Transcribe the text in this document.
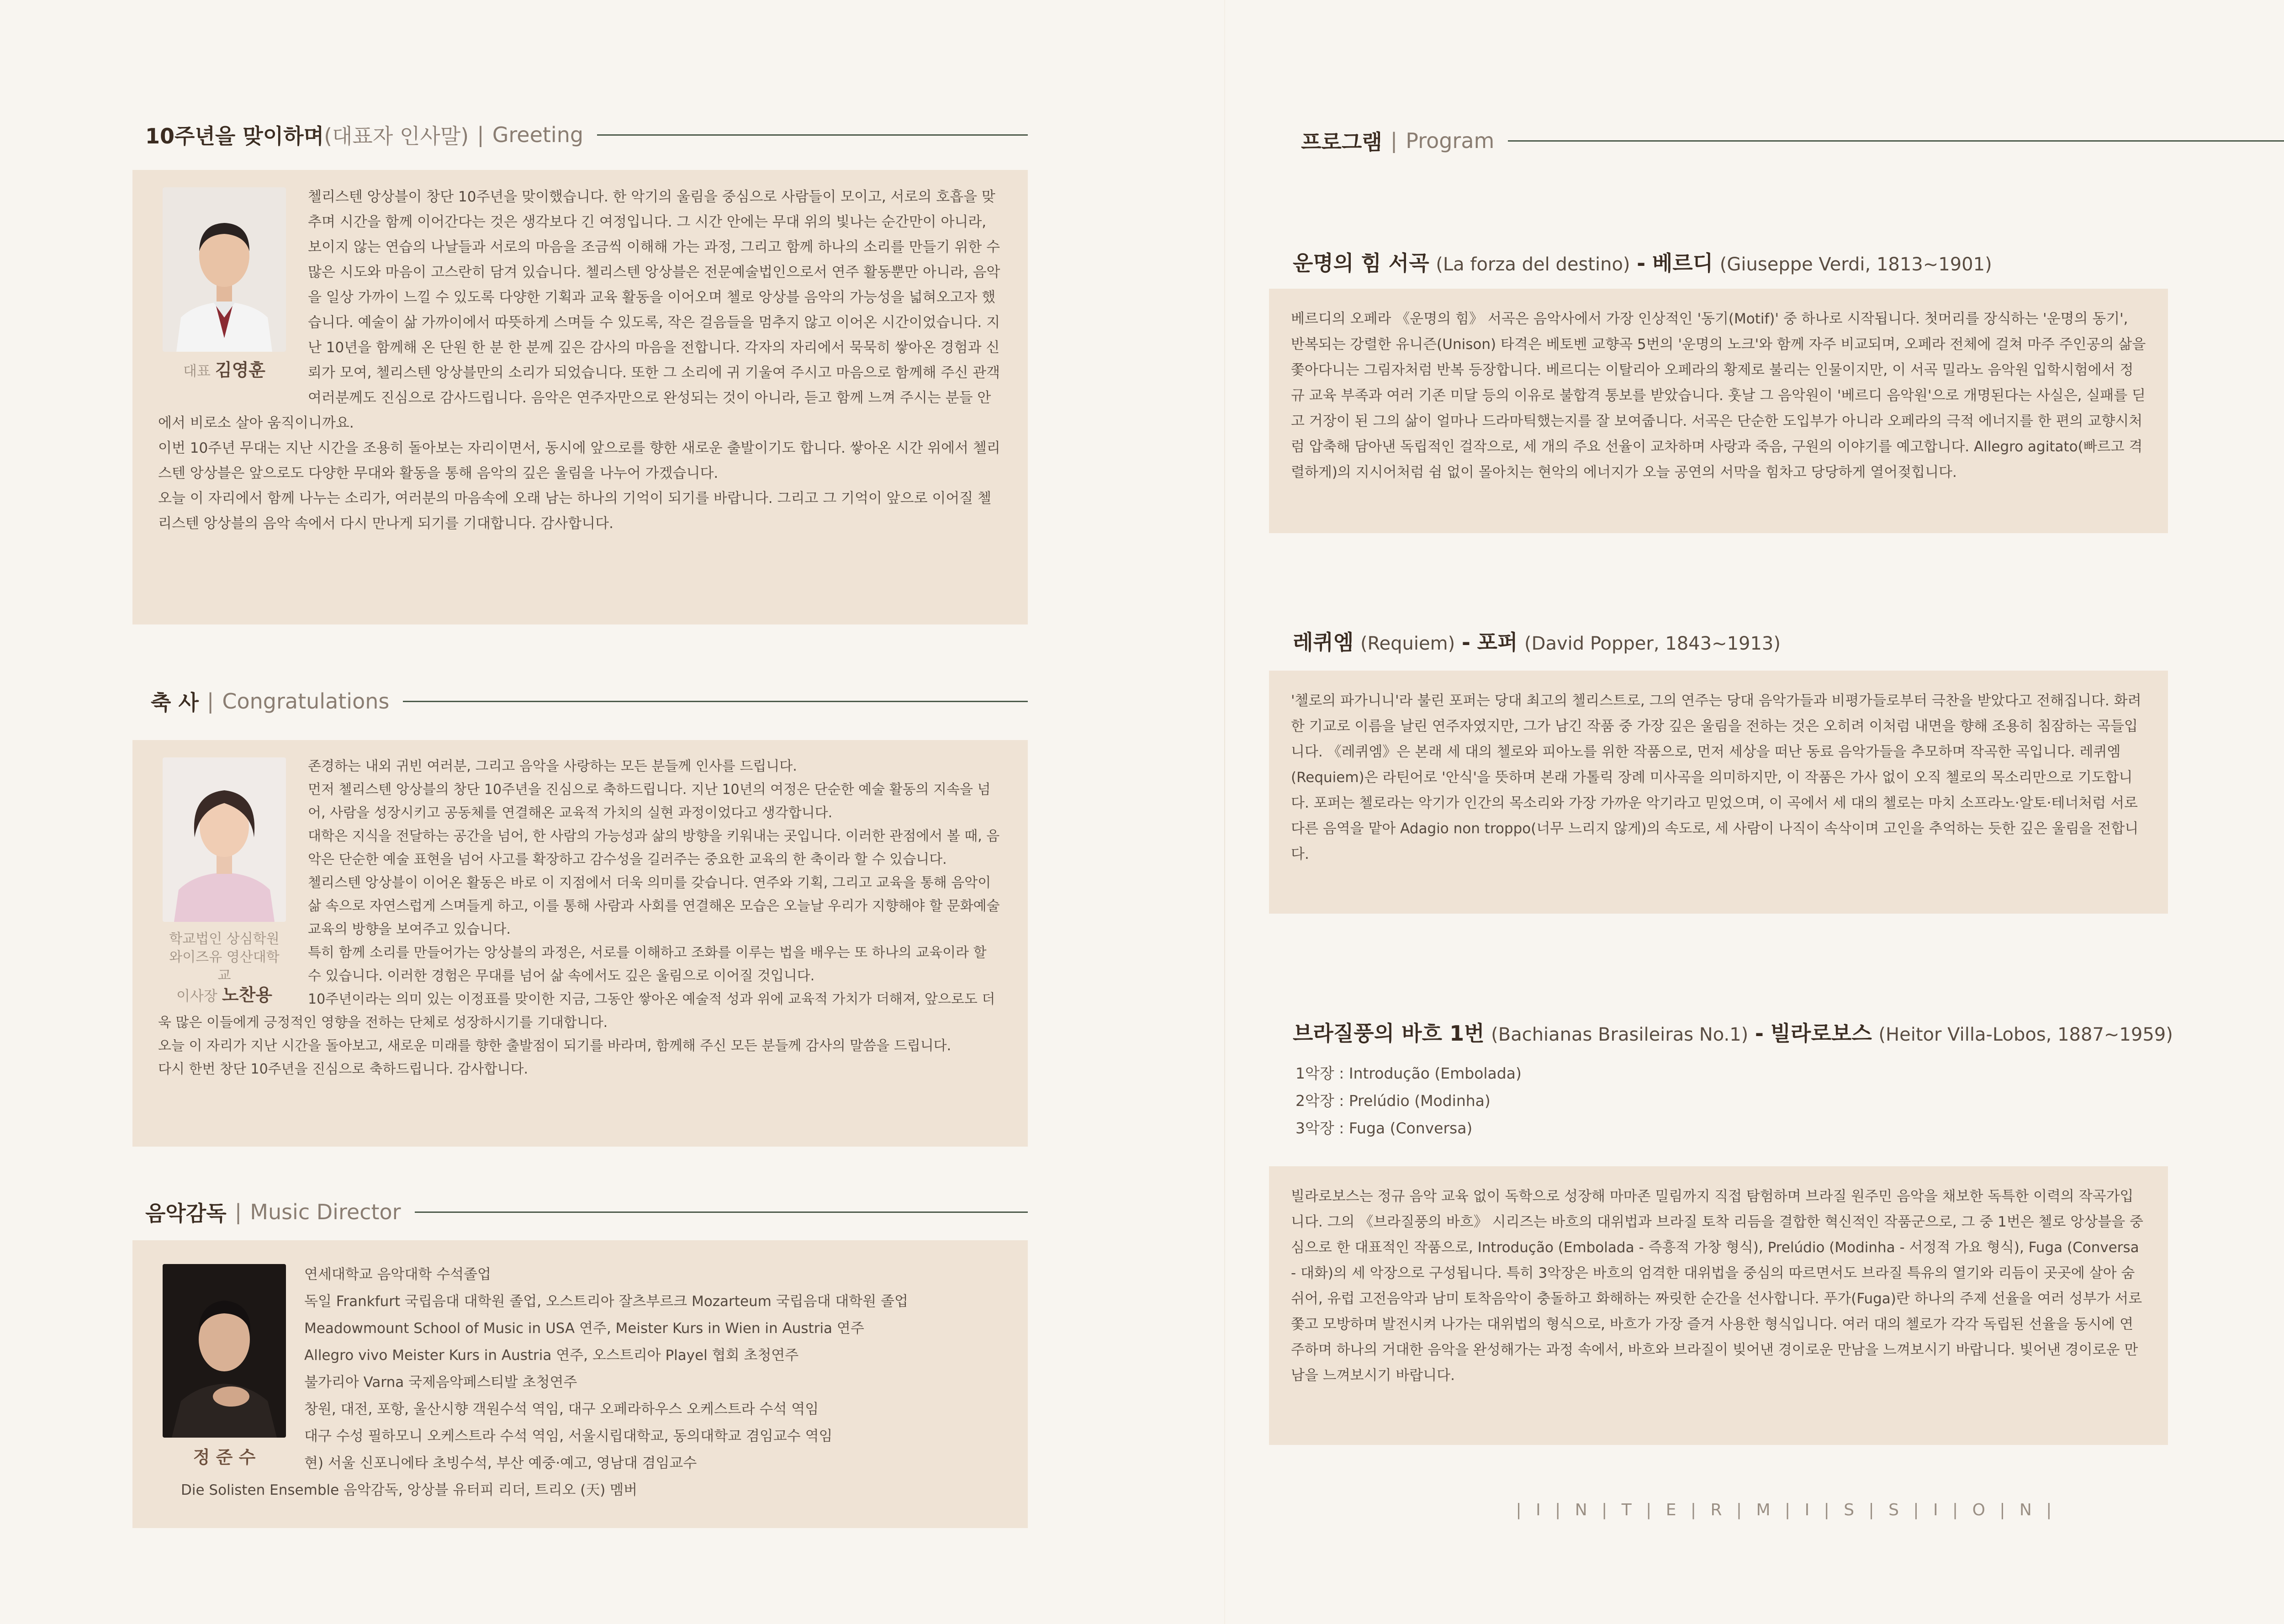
10주년을 맞이하며 (대표자 인사말) | Greeting
대표 김영훈

첼리스텐 앙상블이 창단 10주년을 맞이했습니다. 한 악기의 울림을 중심으로 사람들이 모이고, 서로의 호흡을 맞추며 시간을 함께 이어간다는 것은 생각보다 긴 여정입니다. 그 시간 안에는 무대 위의 빛나는 순간만이 아니라, 보이지 않는 연습의 나날들과 서로의 마음을 조금씩 이해해 가는 과정, 그리고 함께 하나의 소리를 만들기 위한 수많은 시도와 마음이 고스란히 담겨 있습니다. 첼리스텐 앙상블은 전문예술법인으로서 연주 활동뿐만 아니라, 음악을 일상 가까이 느낄 수 있도록 다양한 기획과 교육 활동을 이어오며 첼로 앙상블 음악의 가능성을 넓혀오고자 했습니다. 예술이 삶 가까이에서 따뜻하게 스며들 수 있도록, 작은 걸음들을 멈추지 않고 이어온 시간이었습니다. 지난 10년을 함께해 온 단원 한 분 한 분께 깊은 감사의 마음을 전합니다. 각자의 자리에서 묵묵히 쌓아온 경험과 신뢰가 모여, 첼리스텐 앙상블만의 소리가 되었습니다. 또한 그 소리에 귀 기울여 주시고 마음으로 함께해 주신 관객 여러분께도 진심으로 감사드립니다. 음악은 연주자만으로 완성되는 것이 아니라, 듣고 함께 느껴 주시는 분들 안에서 비로소 살아 움직이니까요.

이번 10주년 무대는 지난 시간을 조용히 돌아보는 자리이면서, 동시에 앞으로를 향한 새로운 출발이기도 합니다. 쌓아온 시간 위에서 첼리스텐 앙상블은 앞으로도 다양한 무대와 활동을 통해 음악의 깊은 울림을 나누어 가겠습니다.

오늘 이 자리에서 함께 나누는 소리가, 여러분의 마음속에 오래 남는 하나의 기억이 되기를 바랍니다. 그리고 그 기억이 앞으로 이어질 첼리스텐 앙상블의 음악 속에서 다시 만나게 되기를 기대합니다. 감사합니다.

축 사 | Congratulations
학교법인 상심학원
와이즈유 영산대학교
이사장 노찬용

존경하는 내외 귀빈 여러분, 그리고 음악을 사랑하는 모든 분들께 인사를 드립니다.

먼저 첼리스텐 앙상블의 창단 10주년을 진심으로 축하드립니다. 지난 10년의 여정은 단순한 예술 활동의 지속을 넘어, 사람을 성장시키고 공동체를 연결해온 교육적 가치의 실현 과정이었다고 생각합니다.

대학은 지식을 전달하는 공간을 넘어, 한 사람의 가능성과 삶의 방향을 키워내는 곳입니다. 이러한 관점에서 볼 때, 음악은 단순한 예술 표현을 넘어 사고를 확장하고 감수성을 길러주는 중요한 교육의 한 축이라 할 수 있습니다.

첼리스텐 앙상블이 이어온 활동은 바로 이 지점에서 더욱 의미를 갖습니다. 연주와 기획, 그리고 교육을 통해 음악이 삶 속으로 자연스럽게 스며들게 하고, 이를 통해 사람과 사회를 연결해온 모습은 오늘날 우리가 지향해야 할 문화예술 교육의 방향을 보여주고 있습니다.

특히 함께 소리를 만들어가는 앙상블의 과정은, 서로를 이해하고 조화를 이루는 법을 배우는 또 하나의 교육이라 할 수 있습니다. 이러한 경험은 무대를 넘어 삶 속에서도 깊은 울림으로 이어질 것입니다.

10주년이라는 의미 있는 이정표를 맞이한 지금, 그동안 쌓아온 예술적 성과 위에 교육적 가치가 더해져, 앞으로도 더욱 많은 이들에게 긍정적인 영향을 전하는 단체로 성장하시기를 기대합니다.

오늘 이 자리가 지난 시간을 돌아보고, 새로운 미래를 향한 출발점이 되기를 바라며, 함께해 주신 모든 분들께 감사의 말씀을 드립니다.

다시 한번 창단 10주년을 진심으로 축하드립니다. 감사합니다.

음악감독 | Music Director
정 준 수
연세대학교 음악대학 수석졸업
독일 Frankfurt 국립음대 대학원 졸업, 오스트리아 잘츠부르크 Mozarteum 국립음대 대학원 졸업
Meadowmount School of Music in USA 연주, Meister Kurs in Wien in Austria 연주
Allegro vivo Meister Kurs in Austria 연주, 오스트리아 Playel 협회 초청연주
불가리아 Varna 국제음악페스티발 초청연주
창원, 대전, 포항, 울산시향 객원수석 역임, 대구 오페라하우스 오케스트라 수석 역임
대구 수성 필하모니 오케스트라 수석 역임, 서울시립대학교, 동의대학교 겸임교수 역임
현) 서울 신포니에타 초빙수석, 부산 예중·예고, 영남대 겸임교수
Die Solisten Ensemble 음악감독, 앙상블 유터피 리더, 트리오 (天) 멤버
프로그램 | Program
운명의 힘 서곡 (La forza del destino) - 베르디 (Giuseppe Verdi, 1813~1901)
베르디의 오페라 《운명의 힘》 서곡은 음악사에서 가장 인상적인 '동기(Motif)' 중 하나로 시작됩니다. 첫머리를 장식하는 '운명의 동기', 반복되는 강렬한 유니즌(Unison) 타격은 베토벤 교향곡 5번의 '운명의 노크'와 함께 자주 비교되며, 오페라 전체에 걸쳐 마주 주인공의 삶을 쫓아다니는 그림자처럼 반복 등장합니다. 베르디는 이탈리아 오페라의 황제로 불리는 인물이지만, 이 서곡 밀라노 음악원 입학시험에서 정규 교육 부족과 여러 기존 미달 등의 이유로 불합격 통보를 받았습니다. 훗날 그 음악원이 '베르디 음악원'으로 개명된다는 사실은, 실패를 딛고 거장이 된 그의 삶이 얼마나 드라마틱했는지를 잘 보여줍니다. 서곡은 단순한 도입부가 아니라 오페라의 극적 에너지를 한 편의 교향시처럼 압축해 담아낸 독립적인 걸작으로, 세 개의 주요 선율이 교차하며 사랑과 죽음, 구원의 이야기를 예고합니다. Allegro agitato(빠르고 격렬하게)의 지시어처럼 쉼 없이 몰아치는 현악의 에너지가 오늘 공연의 서막을 힘차고 당당하게 열어젖힙니다.
레퀴엠 (Requiem) - 포퍼 (David Popper, 1843~1913)
'첼로의 파가니니'라 불린 포퍼는 당대 최고의 첼리스트로, 그의 연주는 당대 음악가들과 비평가들로부터 극찬을 받았다고 전해집니다. 화려한 기교로 이름을 날린 연주자였지만, 그가 남긴 작품 중 가장 깊은 울림을 전하는 것은 오히려 이처럼 내면을 향해 조용히 침잠하는 곡들입니다. 《레퀴엠》은 본래 세 대의 첼로와 피아노를 위한 작품으로, 먼저 세상을 떠난 동료 음악가들을 추모하며 작곡한 곡입니다. 레퀴엠(Requiem)은 라틴어로 '안식'을 뜻하며 본래 가톨릭 장례 미사곡을 의미하지만, 이 작품은 가사 없이 오직 첼로의 목소리만으로 기도합니다. 포퍼는 첼로라는 악기가 인간의 목소리와 가장 가까운 악기라고 믿었으며, 이 곡에서 세 대의 첼로는 마치 소프라노·알토·테너처럼 서로 다른 음역을 맡아 Adagio non troppo(너무 느리지 않게)의 속도로, 세 사람이 나직이 속삭이며 고인을 추억하는 듯한 깊은 울림을 전합니다.
브라질풍의 바흐 1번 (Bachianas Brasileiras No.1) - 빌라로보스 (Heitor Villa-Lobos, 1887~1959)
1악장 : Introdução (Embolada)
2악장 : Prelúdio (Modinha)
3악장 : Fuga (Conversa)
빌라로보스는 정규 음악 교육 없이 독학으로 성장해 마마존 밀림까지 직접 탐험하며 브라질 원주민 음악을 채보한 독특한 이력의 작곡가입니다. 그의 《브라질풍의 바흐》 시리즈는 바흐의 대위법과 브라질 토착 리듬을 결합한 혁신적인 작품군으로, 그 중 1번은 첼로 앙상블을 중심으로 한 대표적인 작품으로, Introdução (Embolada - 즉흥적 가창 형식), Prelúdio (Modinha - 서정적 가요 형식), Fuga (Conversa - 대화)의 세 악장으로 구성됩니다. 특히 3악장은 바흐의 엄격한 대위법을 중심의 따르면서도 브라질 특유의 열기와 리듬이 곳곳에 살아 숨 쉬어, 유럽 고전음악과 남미 토착음악이 충돌하고 화해하는 짜릿한 순간을 선사합니다. 푸가(Fuga)란 하나의 주제 선율을 여러 성부가 서로 쫓고 모방하며 발전시켜 나가는 대위법의 형식으로, 바흐가 가장 즐겨 사용한 형식입니다. 여러 대의 첼로가 각각 독립된 선율을 동시에 연주하며 하나의 거대한 음악을 완성해가는 과정 속에서, 바흐와 브라질이 빚어낸 경이로운 만남을 느껴보시기 바랍니다. 빛어낸 경이로운 만남을 느껴보시기 바랍니다.
| I | N | T | E | R | M | I | S | S | I | O | N |
